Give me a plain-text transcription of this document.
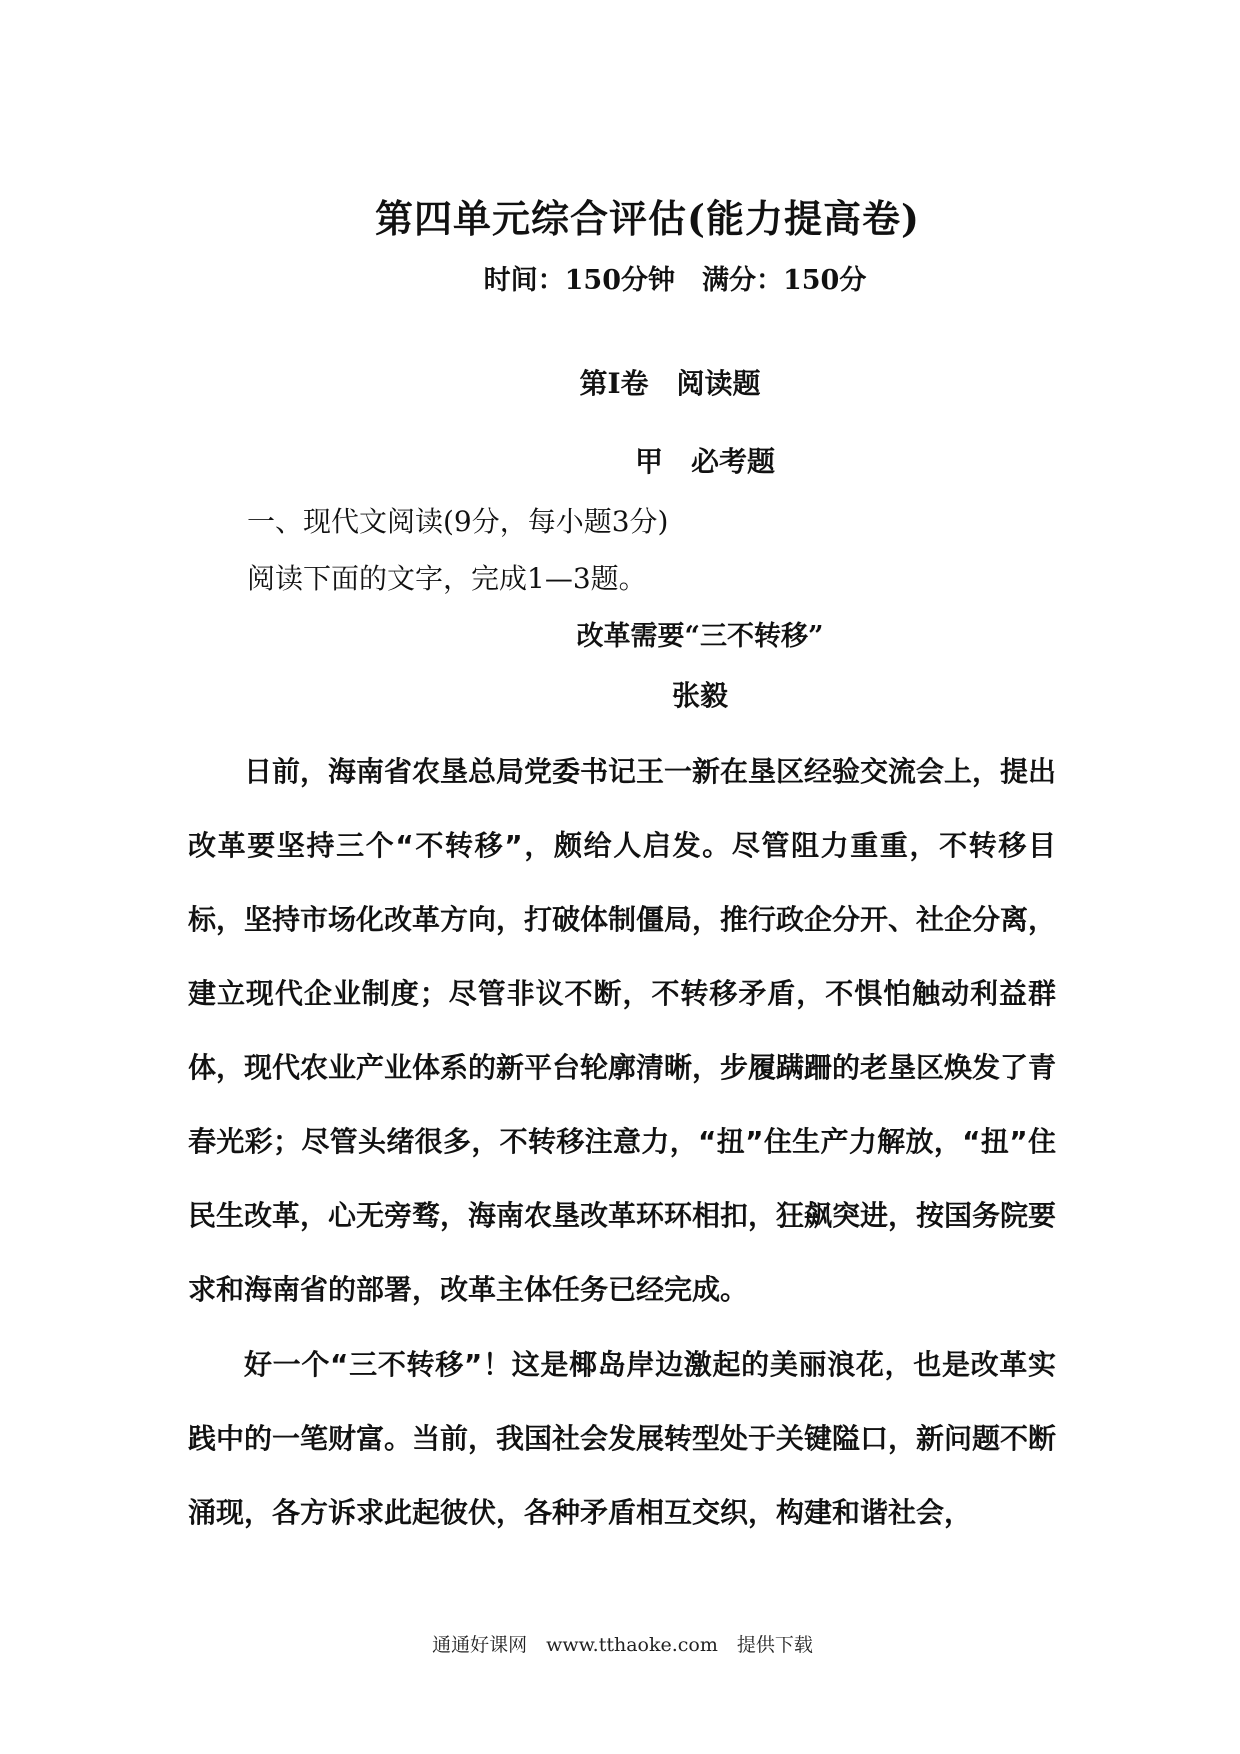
第四单元综合评估(能力提高卷)
时间：150分钟　满分：150分
第Ⅰ卷　阅读题
甲　必考题
一、现代文阅读(9分，每小题3分)
阅读下面的文字，完成1—3题。
改革需要“三不转移”
张毅

日前，海南省农垦总局党委书记王一新在垦区经验交流会上，提出改革要坚持三个“不转移”，颇给人启发。尽管阻力重重，不转移目标，坚持市场化改革方向，打破体制僵局，推行政企分开、社企分离，建立现代企业制度；尽管非议不断，不转移矛盾，不惧怕触动利益群体，现代农业产业体系的新平台轮廓清晰，步履蹒跚的老垦区焕发了青春光彩；尽管头绪很多，不转移注意力，“扭”住生产力解放，“扭”住民生改革，心无旁骛，海南农垦改革环环相扣，狂飙突进，按国务院要求和海南省的部署，改革主体任务已经完成。

好一个“三不转移”！这是椰岛岸边激起的美丽浪花，也是改革实践中的一笔财富。当前，我国社会发展转型处于关键隘口，新问题不断涌现，各方诉求此起彼伏，各种矛盾相互交织，构建和谐社会，

通通好课网　www.tthaoke.com　提供下载
